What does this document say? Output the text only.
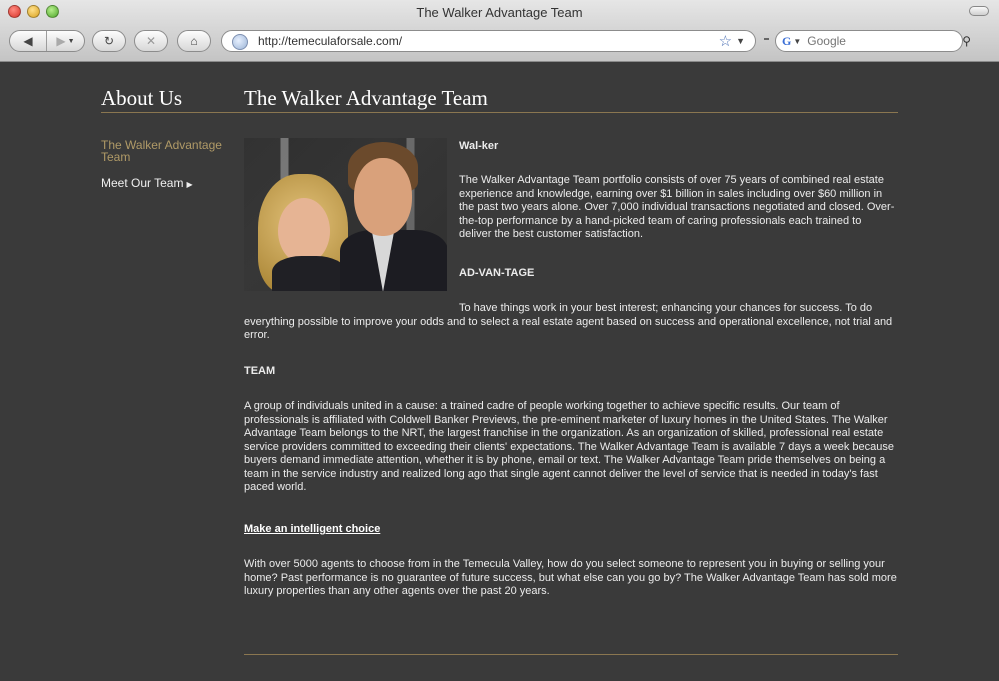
The Walker Advantage Team
◀ ▶ ▼ ↻	✕	⌂	http://temeculaforsale.com/	☆ ▼	G ▼
Google	⚲
About Us	The Walker Advantage Team
The Walker Advantage Team
Meet Our Team ▶
Wal-ker

The Walker Advantage Team portfolio consists of over 75 years of combined real estate experience and knowledge, earning over $1 billion in sales including over $60 million in the past two years alone. Over 7,000 individual transactions negotiated and closed. Over-the-top performance by a hand-picked team of caring professionals each trained to deliver the best customer satisfaction.

AD-VAN-TAGE

To have things work in your best interest; enhancing your chances for success. To do everything possible to improve your odds and to select a real estate agent based on success and operational excellence, not trial and error.

TEAM

A group of individuals united in a cause: a trained cadre of people working together to achieve specific results. Our team of professionals is affiliated with Coldwell Banker Previews, the pre-eminent marketer of luxury homes in the United States. The Walker Advantage Team belongs to the NRT, the largest franchise in the organization. As an organization of skilled, professional real estate service providers committed to exceeding their clients' expectations. The Walker Advantage Team is available 7 days a week because buyers demand immediate attention, whether it is by phone, email or text. The Walker Advantage Team pride themselves on being a team in the service industry and realized long ago that single agent cannot deliver the level of service that is needed in today's fast paced world.

Make an intelligent choice

With over 5000 agents to choose from in the Temecula Valley, how do you select someone to represent you in buying or selling your home? Past performance is no guarantee of future success, but what else can you go by? The Walker Advantage Team has sold more luxury properties than any other agents over the past 20 years.
